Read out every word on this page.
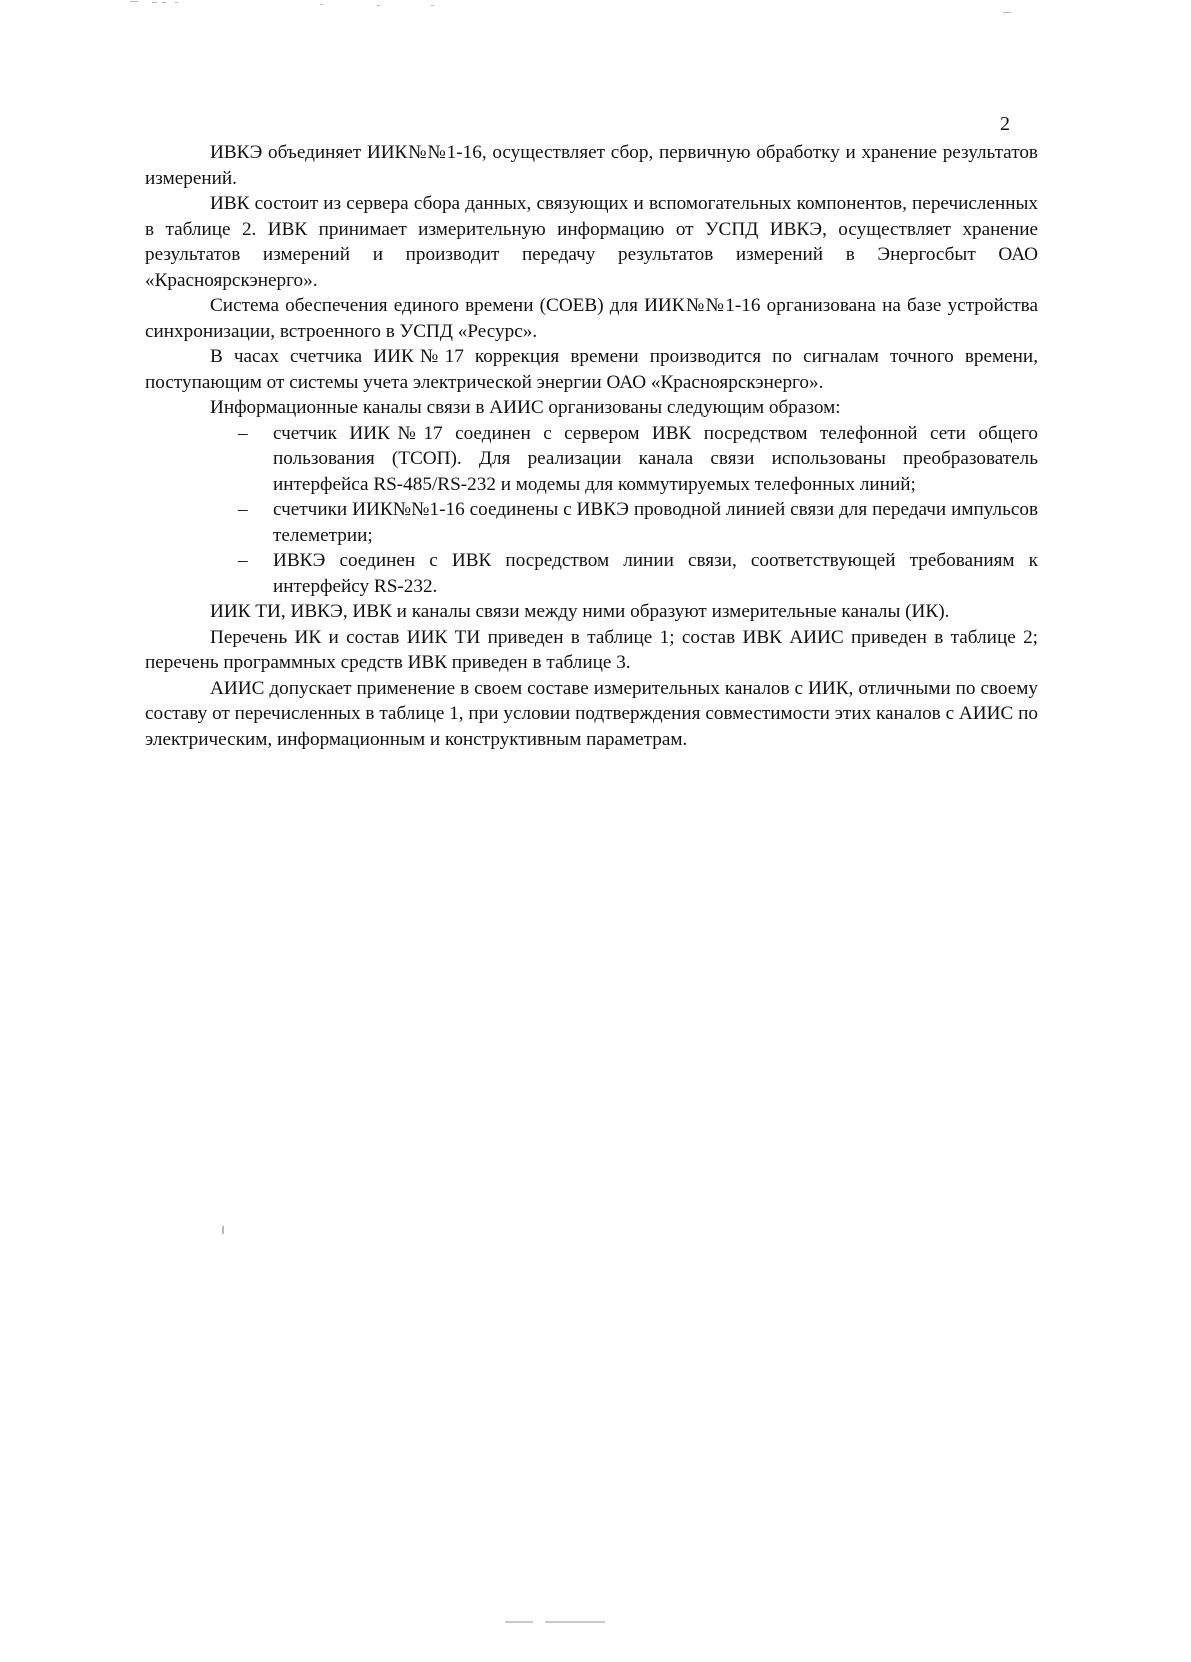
2

ИВКЭ объединяет ИИК№№1-16, осуществляет сбор, первичную обработку и хранение результатов измерений.

ИВК состоит из сервера сбора данных, связующих и вспомогательных компонентов, перечисленных в таблице 2. ИВК принимает измерительную информацию от УСПД ИВКЭ, осуществляет хранение результатов измерений и производит передачу результатов измерений в Энергосбыт ОАО «Красноярскэнерго».

Система обеспечения единого времени (СОЕВ) для ИИК№№1-16 организована на базе устройства синхронизации, встроенного в УСПД «Ресурс».

В часах счетчика ИИК№17 коррекция времени производится по сигналам точного времени, поступающим от системы учета электрической энергии ОАО «Красноярскэнерго».

Информационные каналы связи в АИИС организованы следующим образом:

– счетчик ИИК№17 соединен с сервером ИВК посредством телефонной сети общего пользования (ТСОП). Для реализации канала связи использованы преобразователь интерфейса RS-485/RS-232 и модемы для коммутируемых телефонных линий;
– счетчики ИИК№№1-16 соединены с ИВКЭ проводной линией связи для передачи импульсов телеметрии;
– ИВКЭ соединен с ИВК посредством линии связи, соответствующей требованиям к интерфейсу RS-232.

ИИК ТИ, ИВКЭ, ИВК и каналы связи между ними образуют измерительные каналы (ИК).

Перечень ИК и состав ИИК ТИ приведен в таблице 1; состав ИВК АИИС приведен в таблице 2; перечень программных средств ИВК приведен в таблице 3.

АИИС допускает применение в своем составе измерительных каналов с ИИК, отличными по своему составу от перечисленных в таблице 1, при условии подтверждения совместимости этих каналов с АИИС по электрическим, информационным и конструктивным параметрам.
